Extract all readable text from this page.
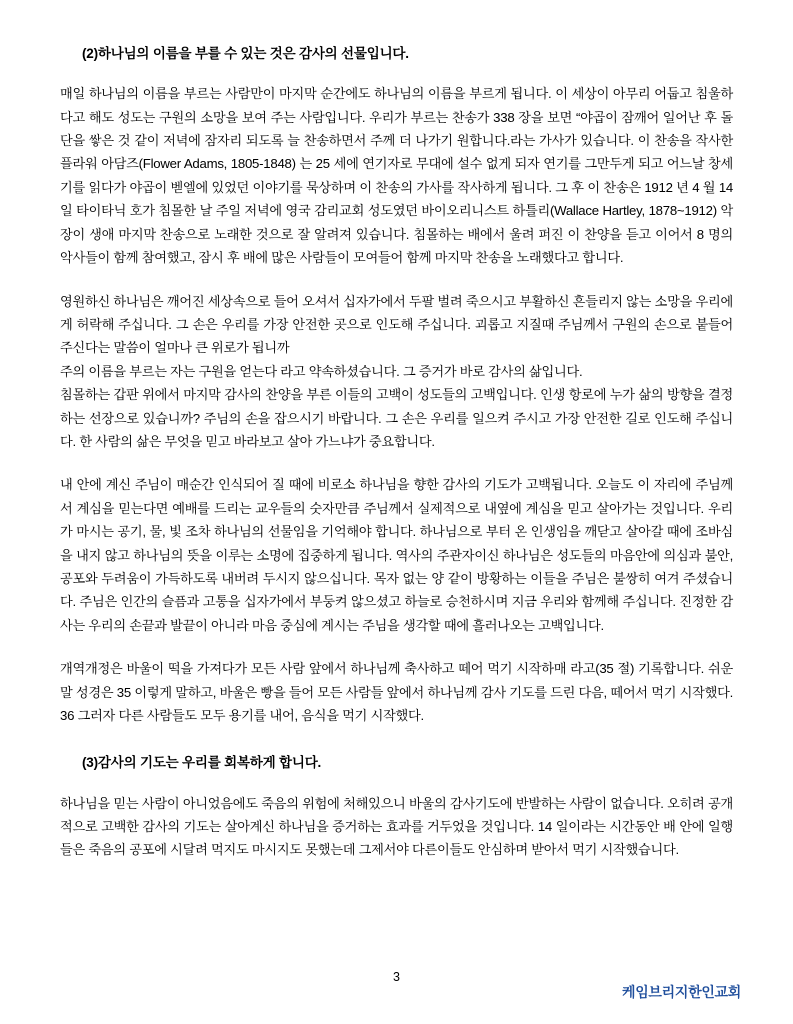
(2)하나님의 이름을 부를 수 있는 것은 감사의 선물입니다.

매일 하나님의 이름을 부르는 사람만이 마지막 순간에도 하나님의 이름을 부르게 됩니다. 이 세상이 아무리 어둡고 침울하다고 해도 성도는 구원의 소망을 보여 주는 사람입니다. 우리가 부르는 찬송가 338 장을 보면 “야곱이 잠깨어 일어난 후 돌단을 쌓은 것 같이 저녁에 잠자리 되도록 늘 찬송하면서 주께 더 나가기 원합니다.라는 가사가 있습니다. 이 찬송을 작사한 플라워 아담즈(Flower Adams, 1805-1848) 는 25 세에 연기자로 무대에 설수 없게 되자 연기를 그만두게 되고 어느날 창세기를 읽다가 야곱이 벧엘에 있었던 이야기를 묵상하며 이 찬송의 가사를 작사하게 됩니다. 그 후 이 찬송은 1912 년 4 월 14 일 타이타닉 호가 침몰한 날 주일 저녁에 영국 감리교회 성도였던 바이오리니스트 하틀리(Wallace Hartley, 1878~1912) 악장이 생애 마지막 찬송으로 노래한 것으로 잘 알려져 있습니다. 침몰하는 배에서 울려 퍼진 이 찬양을 듣고 이어서 8 명의 악사들이 함께 참여했고, 잠시 후 배에 많은 사람들이 모여들어 함께 마지막 찬송을 노래했다고 합니다.

영원하신 하나님은 깨어진 세상속으로 들어 오셔서 십자가에서 두팔 벌려 죽으시고 부활하신 흔들리지 않는 소망을 우리에게 허락해 주십니다. 그 손은 우리를 가장 안전한 곳으로 인도해 주십니다. 괴롭고 지질때 주님께서 구원의 손으로 붙들어 주신다는 말씀이 얼마나 큰 위로가 됩니까

주의 이름을 부르는 자는 구원을 얻는다 라고 약속하셨습니다. 그 증거가 바로 감사의 삶입니다.

침몰하는 갑판 위에서 마지막 감사의 찬양을 부른 이들의 고백이 성도들의 고백입니다. 인생 항로에 누가 삶의 방향을 결정하는 선장으로 있습니까? 주님의 손을 잡으시기 바랍니다. 그 손은 우리를 일으켜 주시고 가장 안전한 길로 인도해 주십니다. 한 사람의 삶은 무엇을 믿고 바라보고 살아 가느냐가 중요합니다.

내 안에 계신 주님이 매순간 인식되어 질 때에 비로소 하나님을 향한 감사의 기도가 고백됩니다. 오늘도 이 자리에 주님께서 계심을 믿는다면 예배를 드리는 교우들의 숫자만큼 주님께서 실제적으로 내옆에 계심을 믿고 살아가는 것입니다. 우리가 마시는 공기, 물, 빛 조차 하나님의 선물임을 기억해야 합니다. 하나님으로 부터 온 인생임을 깨닫고 살아갈 때에 조바심을 내지 않고 하나님의 뜻을 이루는 소명에 집중하게 됩니다. 역사의 주관자이신 하나님은 성도들의 마음안에 의심과 불안, 공포와 두려움이 가득하도록 내버려 두시지 않으십니다. 목자 없는 양 같이 방황하는 이들을 주님은 불쌍히 여겨 주셨습니다. 주님은 인간의 슬픔과 고통을 십자가에서 부둥켜 않으셨고 하늘로 승천하시며 지금 우리와 함께해 주십니다. 진정한 감사는 우리의 손끝과 발끝이 아니라 마음 중심에 계시는 주님을 생각할 때에 흘러나오는 고백입니다.

개역개정은 바울이 떡을 가져다가 모든 사람 앞에서 하나님께 축사하고 떼어 먹기 시작하매 라고(35 절) 기록합니다. 쉬운말 성경은 35 이렇게 말하고, 바울은 빵을 들어 모든 사람들 앞에서 하나님께 감사 기도를 드린 다음, 떼어서 먹기 시작했다. 36 그러자 다른 사람들도 모두 용기를 내어, 음식을 먹기 시작했다.

(3)감사의 기도는 우리를 회복하게 합니다.

하나님을 믿는 사람이 아니었음에도 죽음의 위험에 처해있으니 바울의 감사기도에 반발하는 사람이 없습니다. 오히려 공개적으로 고백한 감사의 기도는 살아계신 하나님을 증거하는 효과를 거두었을 것입니다. 14 일이라는 시간동안 배 안에 일행들은 죽음의 공포에 시달려 먹지도 마시지도 못했는데 그제서야 다른이들도 안심하며 받아서 먹기 시작했습니다.

3
케임브리지한인교회
